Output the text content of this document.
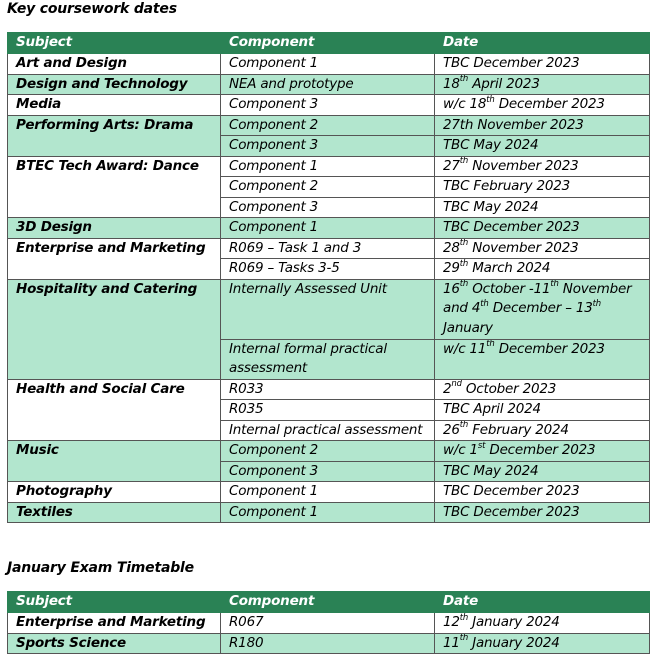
Key coursework dates
Subject	Component	Date
Art and Design	Component 1	TBC December 2023
Design and Technology	NEA and prototype	18th April 2023
Media	Component 3	w/c 18th December 2023
Performing Arts: Drama	Component 2	27th November 2023
	Component 3	TBC May 2024
BTEC Tech Award: Dance	Component 1	27th November 2023
	Component 2	TBC February 2023
	Component 3	TBC May 2024
3D Design	Component 1	TBC December 2023
Enterprise and Marketing	R069 – Task 1 and 3	28th November 2023
	R069 – Tasks 3-5	29th March 2024
Hospitality and Catering	Internally Assessed Unit	16th October -11th November and 4th December – 13th January
	Internal formal practical assessment	w/c 11th December 2023
Health and Social Care	R033	2nd October 2023
	R035	TBC April 2024
	Internal practical assessment	26th February 2024
Music	Component 2	w/c 1st December 2023
	Component 3	TBC May 2024
Photography	Component 1	TBC December 2023
Textiles	Component 1	TBC December 2023
January Exam Timetable
Subject	Component	Date
Enterprise and Marketing	R067	12th January 2024
Sports Science	R180	11th January 2024
